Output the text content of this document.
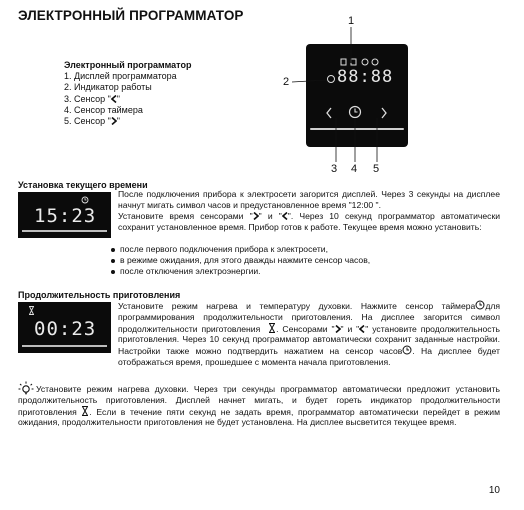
ЭЛЕКТРОННЫЙ ПРОГРАММАТОР
Электронный программатор
1. Дисплей программатора
2. Индикатор работы
3. Сенсор " "
4. Сенсор таймера
5. Сенсор " "
88:88
1
2
3 4 5
Установка текущего времени
15:23
После подключения прибора к электросети загорится дисплей. Через 3 секунды на дисплее начнут мигать символ часов и предустановленное время "12:00 ".
Установите время сенсорами " " и " ". Через 10 секунд программатор автоматически сохранит установленное время. Прибор готов к работе. Текущее время можно установить:
после первого подключения прибора к электросети,
в режиме ожидания, для этого дважды нажмите сенсор часов,
после отключения электроэнергии.
Продолжительность приготовления
00:23
Установите режим нагрева и температуру духовки. Нажмите сенсор таймера для программирования продолжительности приготовления. На дисплее загорится символ продолжительности приготовления . Сенсорами " " и " " установите продолжительность приготовления. Через 10 секунд программатор автоматически сохранит заданные настройки. Настройки также можно подтвердить нажатием на сенсор часов . На дисплее будет отображаться время, прошедшее с момента начала приготовления.
Установите режим нагрева духовки. Через три секунды программатор автоматически предложит установить продолжительность приготовления. Дисплей начнет мигать, и будет гореть индикатор продолжительности приготовления . Если в течение пяти секунд не задать время, программатор автоматически перейдет в режим ожидания, продолжительности приготовления не будет установлена. На дисплее высветится текущее время.
10
